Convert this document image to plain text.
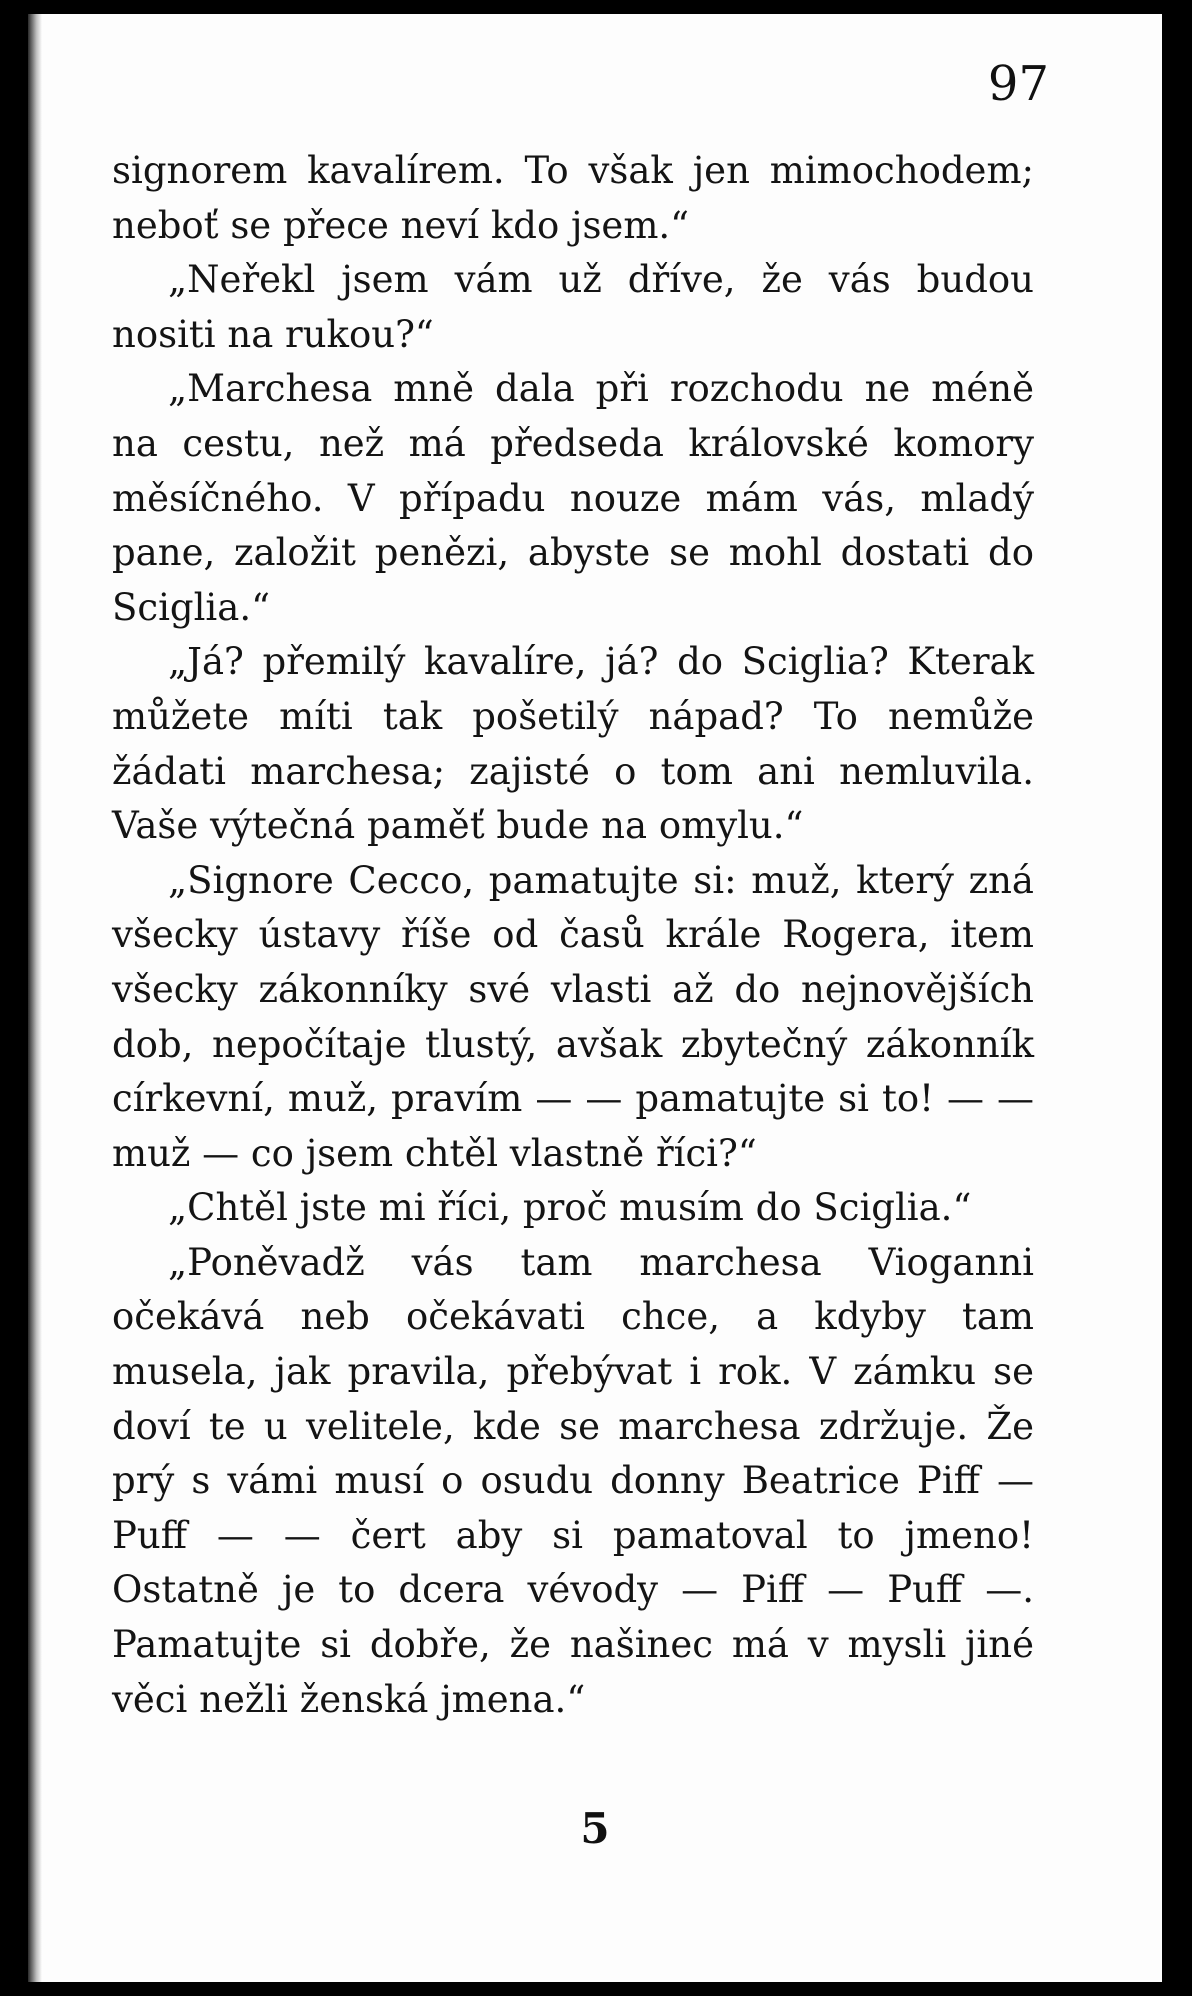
97

signorem kavalírem. To však jen mimochodem; neboť se přece neví kdo jsem.“

„Neřekl jsem vám už dříve, že vás budou nositi na rukou?“

„Marchesa mně dala při rozchodu ne méně na cestu, než má předseda královské komory měsíčného. V případu nouze mám vás, mladý pane, založit penězi, abyste se mohl dostati do Sciglia.“

„Já? přemilý kavalíre, já? do Sciglia? Kterak můžete míti tak pošetilý nápad? To nemůže žádati marchesa; zajisté o tom ani nemluvila. Vaše výtečná paměť bude na omylu.“

„Signore Cecco, pamatujte si: muž, který zná všecky ústavy říše od časů krále Rogera, item všecky zákonníky své vlasti až do nejnovějších dob, nepočítaje tlustý, avšak zbytečný zákonník církevní, muž, pravím — — pamatujte si to! — — muž — co jsem chtěl vlastně říci?“

„Chtěl jste mi říci, proč musím do Sciglia.“

„Poněvadž vás tam marchesa Vioganni očekává neb očekávati chce, a kdyby tam musela, jak pravila, přebývat i rok. V zámku se doví te u velitele, kde se marchesa zdržuje. Že prý s vámi musí o osudu donny Beatrice Piff — Puff — — čert aby si pamatoval to jmeno! Ostatně je to dcera vévody — Piff — Puff —. Pamatujte si dobře, že našinec má v mysli jiné věci nežli ženská jmena.“

5
